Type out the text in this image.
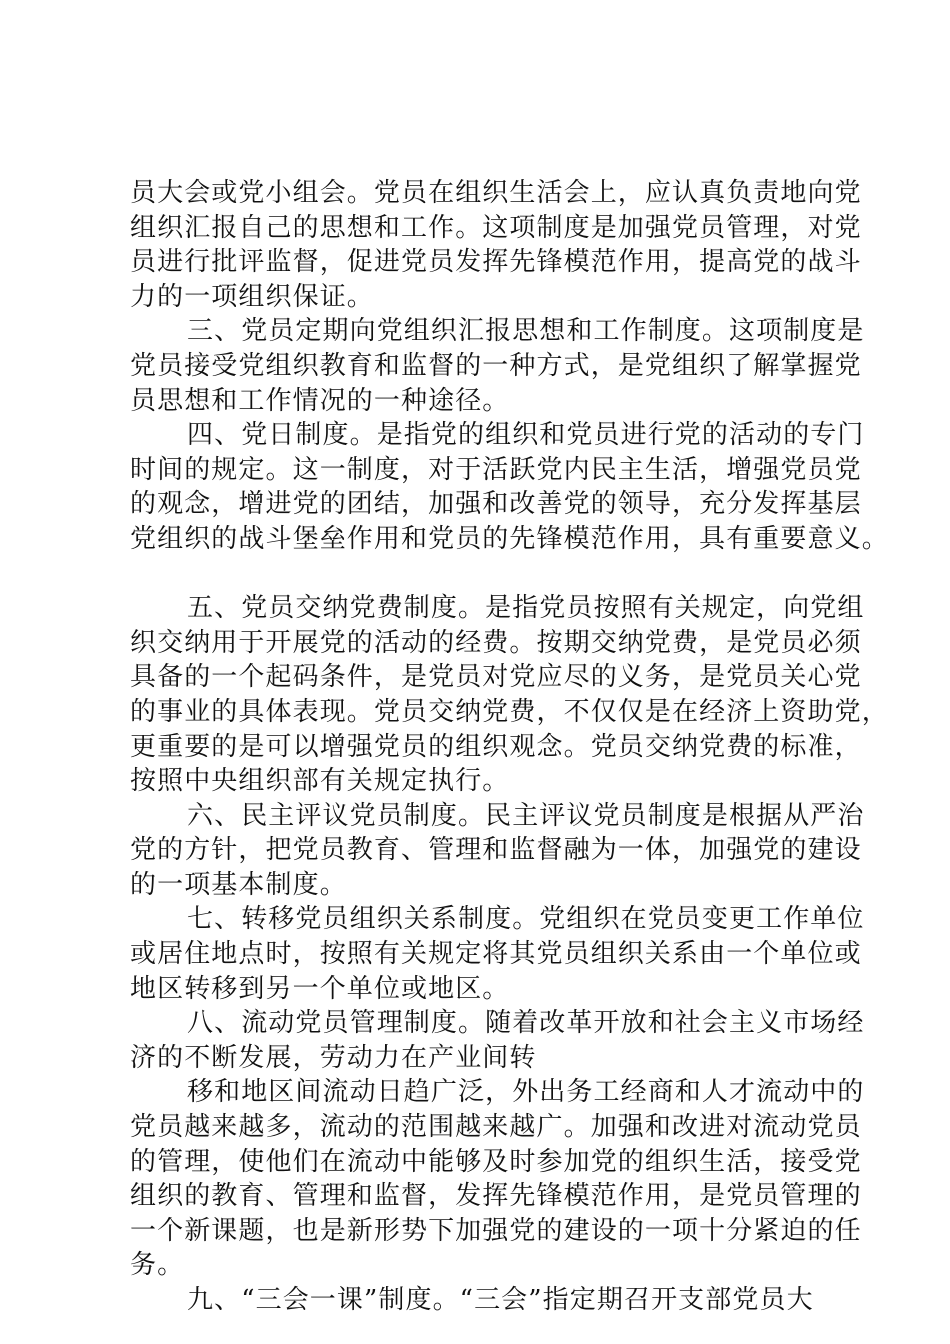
员大会或党小组会。党员在组织生活会上，应认真负责地向党
组织汇报自己的思想和工作。这项制度是加强党员管理，对党
员进行批评监督，促进党员发挥先锋模范作用，提高党的战斗
力的一项组织保证。
三、党员定期向党组织汇报思想和工作制度。这项制度是
党员接受党组织教育和监督的一种方式，是党组织了解掌握党
员思想和工作情况的一种途径。
四、党日制度。是指党的组织和党员进行党的活动的专门
时间的规定。这一制度，对于活跃党内民主生活，增强党员党
的观念，增进党的团结，加强和改善党的领导，充分发挥基层
党组织的战斗堡垒作用和党员的先锋模范作用，具有重要意义。
五、党员交纳党费制度。是指党员按照有关规定，向党组
织交纳用于开展党的活动的经费。按期交纳党费，是党员必须
具备的一个起码条件，是党员对党应尽的义务，是党员关心党
的事业的具体表现。党员交纳党费，不仅仅是在经济上资助党，
更重要的是可以增强党员的组织观念。党员交纳党费的标准，
按照中央组织部有关规定执行。
六、民主评议党员制度。民主评议党员制度是根据从严治
党的方针，把党员教育、管理和监督融为一体，加强党的建设
的一项基本制度。
七、转移党员组织关系制度。党组织在党员变更工作单位
或居住地点时，按照有关规定将其党员组织关系由一个单位或
地区转移到另一个单位或地区。
八、流动党员管理制度。随着改革开放和社会主义市场经
济的不断发展，劳动力在产业间转
移和地区间流动日趋广泛，外出务工经商和人才流动中的
党员越来越多，流动的范围越来越广。加强和改进对流动党员
的管理，使他们在流动中能够及时参加党的组织生活，接受党
组织的教育、管理和监督，发挥先锋模范作用，是党员管理的
一个新课题，也是新形势下加强党的建设的一项十分紧迫的任
务。
九、“三会一课”制度。“三会”指定期召开支部党员大
